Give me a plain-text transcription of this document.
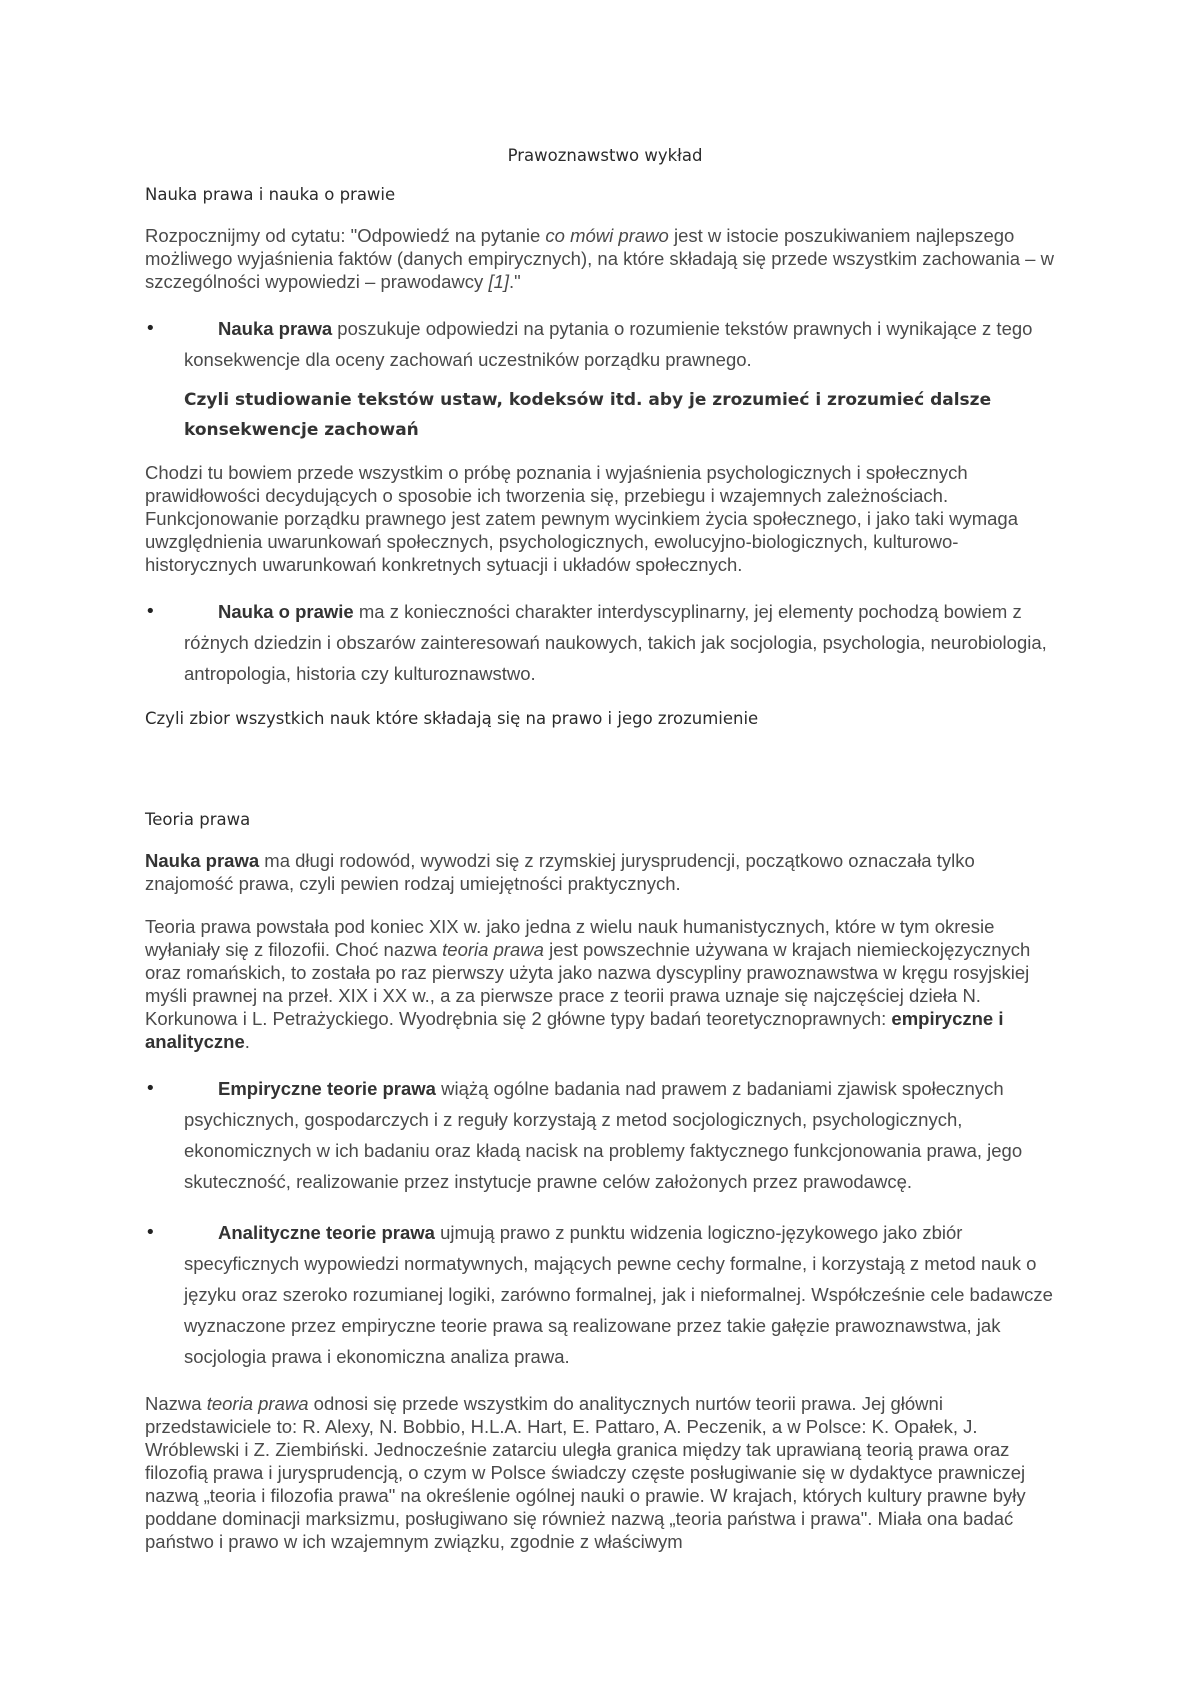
Prawoznawstwo wykład
Nauka prawa i nauka o prawie

Rozpocznijmy od cytatu: "Odpowiedź na pytanie co mówi prawo jest w istocie poszukiwaniem najlepszego możliwego wyjaśnienia faktów (danych empirycznych), na które składają się przede wszystkim zachowania – w szczególności wypowiedzi – prawodawcy [1]."

•	Nauka prawa poszukuje odpowiedzi na pytania o rozumienie tekstów prawnych i wynikające z tego konsekwencje dla oceny zachowań uczestników porządku prawnego.
Czyli studiowanie tekstów ustaw, kodeksów itd. aby je zrozumieć i zrozumieć dalsze konsekwencje zachowań

Chodzi tu bowiem przede wszystkim o próbę poznania i wyjaśnienia psychologicznych i społecznych prawidłowości decydujących o sposobie ich tworzenia się, przebiegu i wzajemnych zależnościach. Funkcjonowanie porządku prawnego jest zatem pewnym wycinkiem życia społecznego, i jako taki wymaga uwzględnienia uwarunkowań społecznych, psychologicznych, ewolucyjno-biologicznych, kulturowo-historycznych uwarunkowań konkretnych sytuacji i układów społecznych.

•	Nauka o prawie ma z konieczności charakter interdyscyplinarny, jej elementy pochodzą bowiem z różnych dziedzin i obszarów zainteresowań naukowych, takich jak socjologia, psychologia, neurobiologia, antropologia, historia czy kulturoznawstwo.
Czyli zbior wszystkich nauk które składają się na prawo i jego zrozumienie
Teoria prawa

Nauka prawa ma długi rodowód, wywodzi się z rzymskiej jurysprudencji, początkowo oznaczała tylko znajomość prawa, czyli pewien rodzaj umiejętności praktycznych.

Teoria prawa powstała pod koniec XIX w. jako jedna z wielu nauk humanistycznych, które w tym okresie wyłaniały się z filozofii. Choć nazwa teoria prawa jest powszechnie używana w krajach niemieckojęzycznych oraz romańskich, to została po raz pierwszy użyta jako nazwa dyscypliny prawoznawstwa w kręgu rosyjskiej myśli prawnej na przeł. XIX i XX w., a za pierwsze prace z teorii prawa uznaje się najczęściej dzieła N. Korkunowa i L. Petrażyckiego. Wyodrębnia się 2 główne typy badań teoretycznoprawnych: empiryczne i analityczne.

•	Empiryczne teorie prawa wiążą ogólne badania nad prawem z badaniami zjawisk społecznych psychicznych, gospodarczych i z reguły korzystają z metod socjologicznych, psychologicznych, ekonomicznych w ich badaniu oraz kładą nacisk na problemy faktycznego funkcjonowania prawa, jego skuteczność, realizowanie przez instytucje prawne celów założonych przez prawodawcę.
•	Analityczne teorie prawa ujmują prawo z punktu widzenia logiczno-językowego jako zbiór specyficznych wypowiedzi normatywnych, mających pewne cechy formalne, i korzystają z metod nauk o języku oraz szeroko rozumianej logiki, zarówno formalnej, jak i nieformalnej. Współcześnie cele badawcze wyznaczone przez empiryczne teorie prawa są realizowane przez takie gałęzie prawoznawstwa, jak socjologia prawa i ekonomiczna analiza prawa.

Nazwa teoria prawa odnosi się przede wszystkim do analitycznych nurtów teorii prawa. Jej główni przedstawiciele to: R. Alexy, N. Bobbio, H.L.A. Hart, E. Pattaro, A. Peczenik, a w Polsce: K. Opałek, J. Wróblewski i Z. Ziembiński. Jednocześnie zatarciu uległa granica między tak uprawianą teorią prawa oraz filozofią prawa i jurysprudencją, o czym w Polsce świadczy częste posługiwanie się w dydaktyce prawniczej nazwą „teoria i filozofia prawa" na określenie ogólnej nauki o prawie. W krajach, których kultury prawne były poddane dominacji marksizmu, posługiwano się również nazwą „teoria państwa i prawa". Miała ona badać państwo i prawo w ich wzajemnym związku, zgodnie z właściwym
